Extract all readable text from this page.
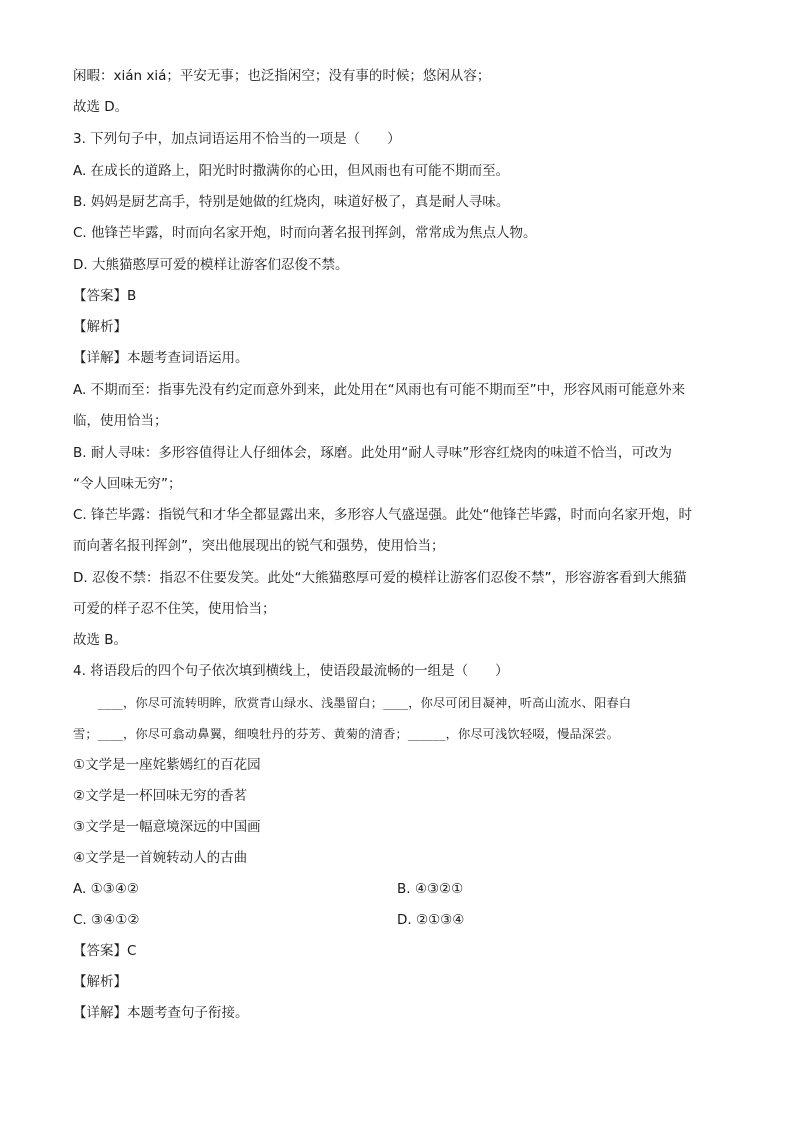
闲暇：xián xiá；平安无事；也泛指闲空；没有事的时候；悠闲从容；
故选 D。
3. 下列句子中，加点词语运用不恰当的一项是（　　）
A. 在成长的道路上，阳光时时撒满你的心田，但风雨也有可能不期而至。
B. 妈妈是厨艺高手，特别是她做的红烧肉，味道好极了，真是耐人寻味。
C. 他锋芒毕露，时而向名家开炮，时而向著名报刊挥剑，常常成为焦点人物。
D. 大熊猫憨厚可爱的模样让游客们忍俊不禁。
【答案】B
【解析】
【详解】本题考查词语运用。
A. 不期而至：指事先没有约定而意外到来，此处用在“风雨也有可能不期而至”中，形容风雨可能意外来
临，使用恰当；
B. 耐人寻味：多形容值得让人仔细体会，琢磨。此处用“耐人寻味”形容红烧肉的味道不恰当，可改为
“令人回味无穷”；
C. 锋芒毕露：指锐气和才华全都显露出来，多形容人气盛逞强。此处“他锋芒毕露，时而向名家开炮，时
而向著名报刊挥剑”，突出他展现出的锐气和强势，使用恰当；
D. 忍俊不禁：指忍不住要发笑。此处“大熊猫憨厚可爱的模样让游客们忍俊不禁”，形容游客看到大熊猫
可爱的样子忍不住笑，使用恰当；
故选 B。
4. 将语段后的四个句子依次填到横线上，使语段最流畅的一组是（　　）
　　____，你尽可流转明眸，欣赏青山绿水、浅墨留白；____，你尽可闭目凝神，听高山流水、阳春白
雪；____，你尽可翕动鼻翼，细嗅牡丹的芬芳、黄菊的清香；______，你尽可浅饮轻啜，慢品深尝。
①文学是一座姹紫嫣红的百花园
②文学是一杯回味无穷的香茗
③文学是一幅意境深远的中国画
④文学是一首婉转动人的古曲
A. ①③④②	B. ④③②①
C. ③④①②	D. ②①③④
【答案】C
【解析】
【详解】本题考查句子衔接。
